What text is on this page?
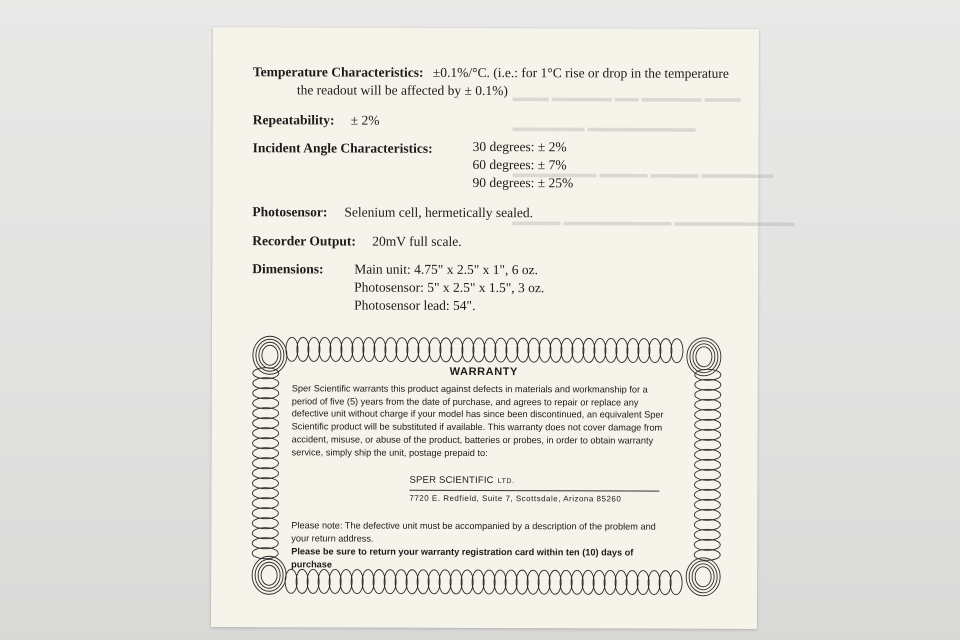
▬▬▬ ▬▬▬▬▬ ▬▬ ▬▬▬▬▬ ▬▬▬
▬▬▬▬▬▬▬▬▬ ▬▬▬▬▬▬
▬▬▬▬▬▬ ▬▬▬▬ ▬▬▬▬ ▬▬▬▬▬▬▬
▬▬▬▬▬▬▬▬▬▬ ▬▬▬▬▬▬▬▬▬ ▬▬▬▬
Temperature Characteristics: ±0.1%/°C. (i.e.: for 1°C rise or drop in the temperature
the readout will be affected by ± 0.1%)
Repeatability: ± 2%
Incident Angle Characteristics:	30 degrees: ± 2%
60 degrees: ± 7%
90 degrees: ± 25%
Photosensor: Selenium cell, hermetically sealed.
Recorder Output: 20mV full scale.
Dimensions: Main unit: 4.75" x 2.5" x 1", 6 oz.
Photosensor: 5" x 2.5" x 1.5", 3 oz.
Photosensor lead: 54".
WARRANTY
Sper Scientific warrants this product against defects in materials and workmanship for a period of five (5) years from the date of purchase, and agrees to repair or replace any defective unit without charge if your model has since been discontinued, an equivalent Sper Scientific product will be substituted if available. This warranty does not cover damage from accident, misuse, or abuse of the product, batteries or probes, in order to obtain warranty service, simply ship the unit, postage prepaid to:
SPER SCIENTIFIC LTD.
7720 E. Redfield, Suite 7, Scottsdale, Arizona 85260
Please note: The defective unit must be accompanied by a description of the problem and your return address.
Please be sure to return your warranty registration card within ten (10) days of purchase
